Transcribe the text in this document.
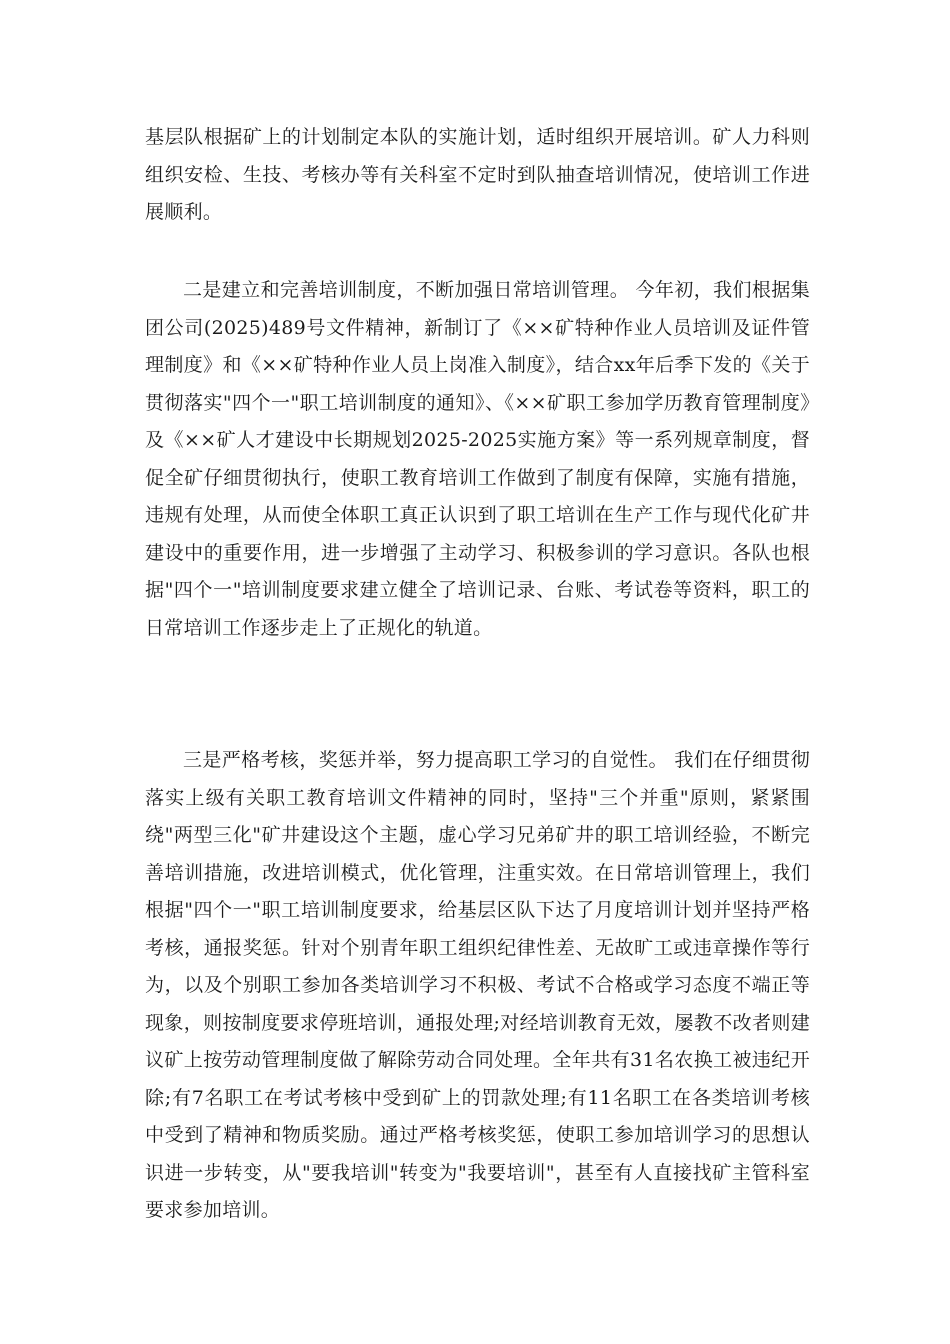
基层队根据矿上的计划制定本队的实施计划，适时组织开展培训。矿人力科则组织安检、生技、考核办等有关科室不定时到队抽查培训情况，使培训工作进展顺利。

二是建立和完善培训制度，不断加强日常培训管理。 今年初，我们根据集团公司(2025)489号文件精神，新制订了《××矿特种作业人员培训及证件管理制度》和《××矿特种作业人员上岗准入制度》，结合xx年后季下发的《关于贯彻落实"四个一"职工培训制度的通知》、《××矿职工参加学历教育管理制度》及《××矿人才建设中长期规划2025-2025实施方案》等一系列规章制度，督促全矿仔细贯彻执行，使职工教育培训工作做到了制度有保障，实施有措施，违规有处理，从而使全体职工真正认识到了职工培训在生产工作与现代化矿井建设中的重要作用，进一步增强了主动学习、积极参训的学习意识。各队也根据"四个一"培训制度要求建立健全了培训记录、台账、考试卷等资料，职工的日常培训工作逐步走上了正规化的轨道。

三是严格考核，奖惩并举，努力提高职工学习的自觉性。 我们在仔细贯彻落实上级有关职工教育培训文件精神的同时，坚持"三个并重"原则，紧紧围绕"两型三化"矿井建设这个主题，虚心学习兄弟矿井的职工培训经验，不断完善培训措施，改进培训模式，优化管理，注重实效。在日常培训管理上，我们根据"四个一"职工培训制度要求，给基层区队下达了月度培训计划并坚持严格考核，通报奖惩。针对个别青年职工组织纪律性差、无故旷工或违章操作等行为，以及个别职工参加各类培训学习不积极、考试不合格或学习态度不端正等现象，则按制度要求停班培训，通报处理;对经培训教育无效，屡教不改者则建议矿上按劳动管理制度做了解除劳动合同处理。全年共有31名农换工被违纪开除;有7名职工在考试考核中受到矿上的罚款处理;有11名职工在各类培训考核中受到了精神和物质奖励。通过严格考核奖惩，使职工参加培训学习的思想认识进一步转变，从"要我培训"转变为"我要培训"，甚至有人直接找矿主管科室要求参加培训。
